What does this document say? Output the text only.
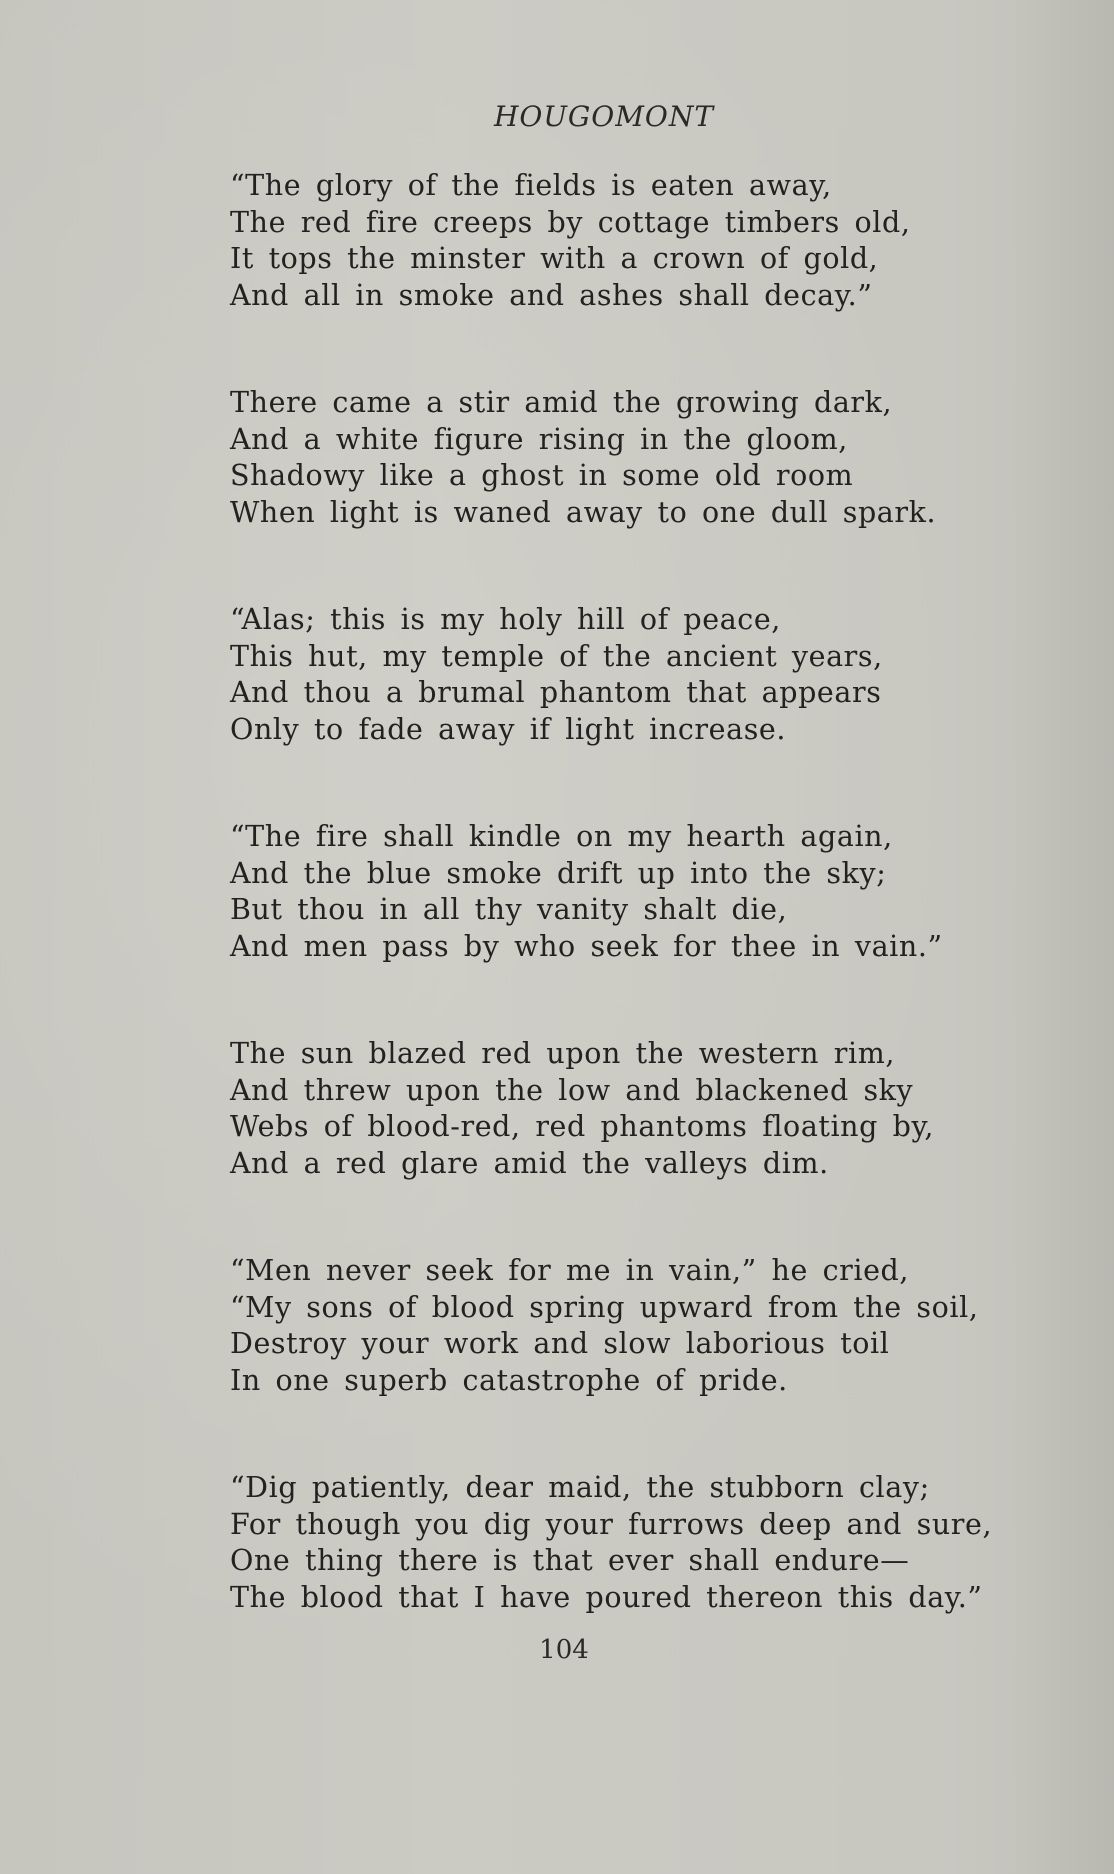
HOUGOMONT
“The glory of the fields is eaten away,
The red fire creeps by cottage timbers old,
It tops the minster with a crown of gold,
And all in smoke and ashes shall decay.”
There came a stir amid the growing dark,
And a white figure rising in the gloom,
Shadowy like a ghost in some old room
When light is waned away to one dull spark.
“Alas; this is my holy hill of peace,
This hut, my temple of the ancient years,
And thou a brumal phantom that appears
Only to fade away if light increase.
“The fire shall kindle on my hearth again,
And the blue smoke drift up into the sky;
But thou in all thy vanity shalt die,
And men pass by who seek for thee in vain.”
The sun blazed red upon the western rim,
And threw upon the low and blackened sky
Webs of blood-red, red phantoms floating by,
And a red glare amid the valleys dim.
“Men never seek for me in vain,” he cried,
“My sons of blood spring upward from the soil,
Destroy your work and slow laborious toil
In one superb catastrophe of pride.
“Dig patiently, dear maid, the stubborn clay;
For though you dig your furrows deep and sure,
One thing there is that ever shall endure—
The blood that I have poured thereon this day.”
104
